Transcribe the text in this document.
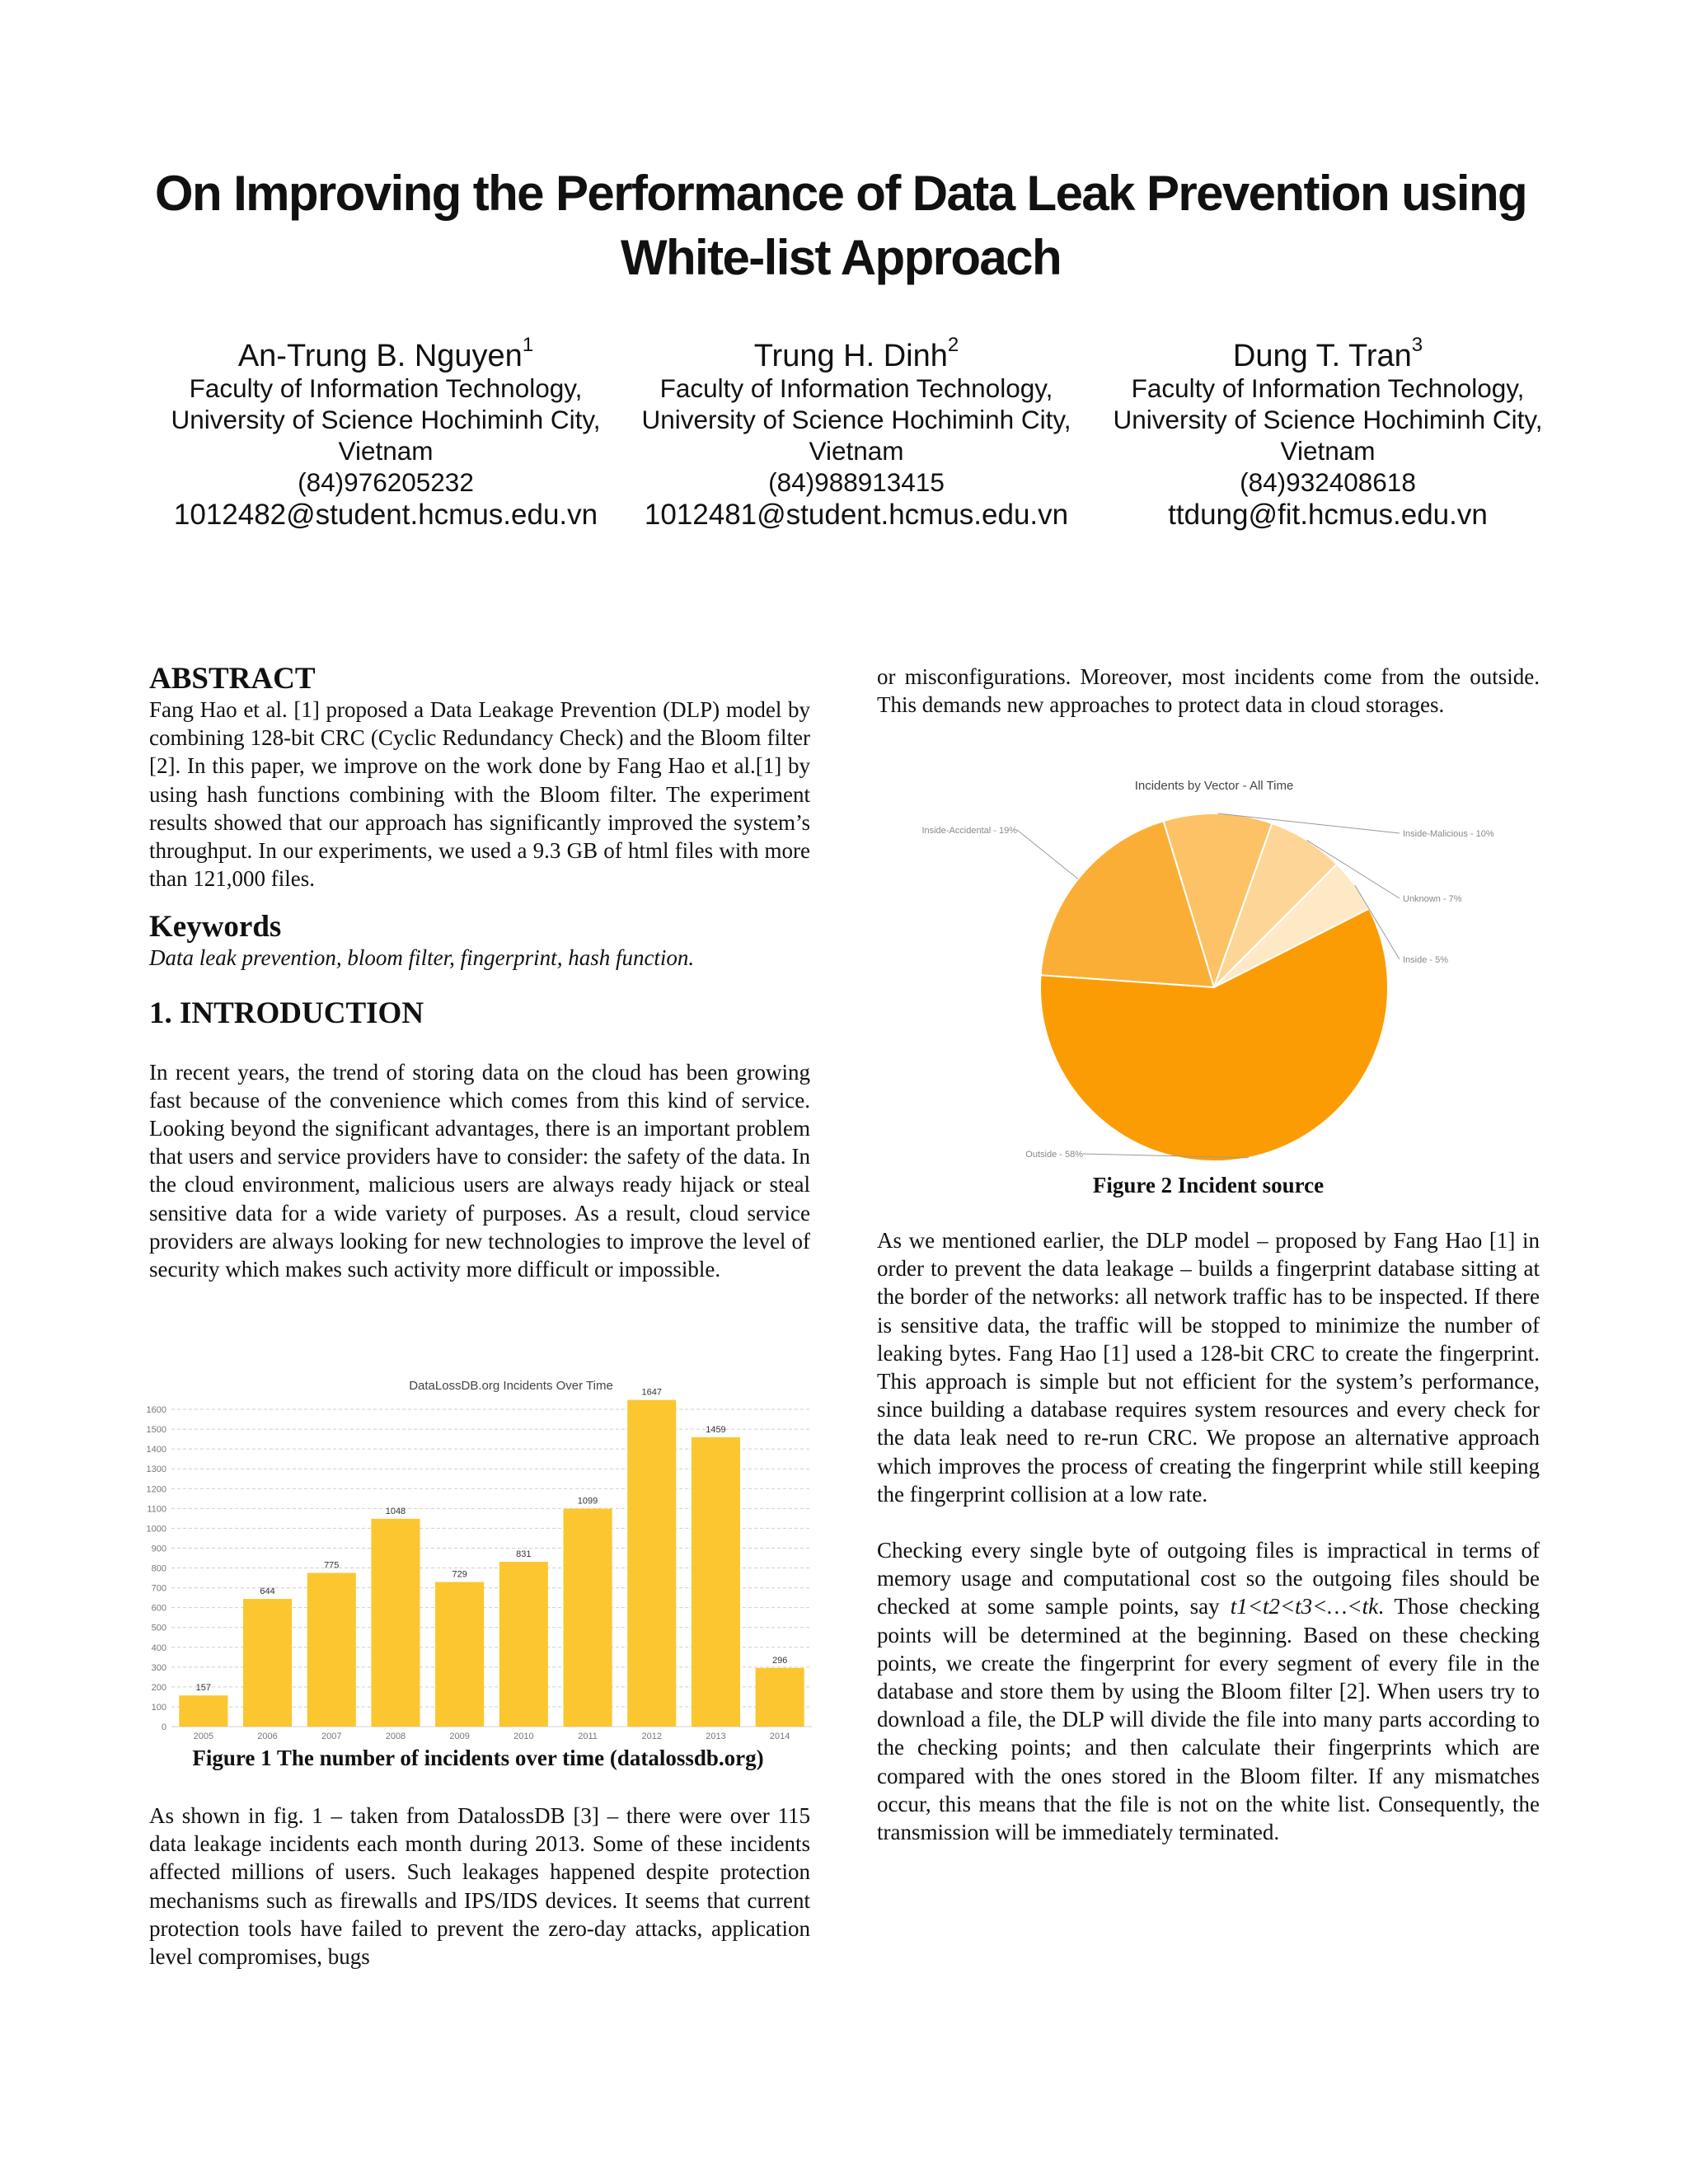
On Improving the Performance of Data Leak Prevention using
White-list Approach
An-Trung B. Nguyen$^1$
Faculty of Information Technology,
University of Science Hochiminh City,
Vietnam
(84)976205232
1012482@student.hcmus.edu.vn
Trung H. Dinh$^2$
Faculty of Information Technology,
University of Science Hochiminh City,
Vietnam
(84)988913415
1012481@student.hcmus.edu.vn
Dung T. Tran$^3$
Faculty of Information Technology,
University of Science Hochiminh City,
Vietnam
(84)932408618
ttdung@fit.hcmus.edu.vn
ABSTRACT

Fang Hao et al. [1] proposed a Data Leakage Prevention (DLP) model by combining 128-bit CRC (Cyclic Redundancy Check) and the Bloom filter [2]. In this paper, we improve on the work done by Fang Hao et al.[1] by using hash functions combining with the Bloom filter. The experiment results showed that our approach has significantly improved the system’s throughput. In our experiments, we used a 9.3 GB of html files with more than 121,000 files.

Keywords

Data leak prevention, bloom filter, fingerprint, hash function.

1. INTRODUCTION

In recent years, the trend of storing data on the cloud has been growing fast because of the convenience which comes from this kind of service. Looking beyond the significant advantages, there is an important problem that users and service providers have to consider: the safety of the data. In the cloud environment, malicious users are always ready hijack or steal sensitive data for a wide variety of purposes. As a result, cloud service providers are always looking for new technologies to improve the level of security which makes such activity more difficult or impossible.

DataLossDB.org Incidents Over Time
0
100
200
300
400
500
600
700
800
900
1000
1100
1200
1300
1400
1500
1600
157
644
775
1048
729
831
1099
1647
1459
296
2005	2006	2007	2008	2009	2010	2011	2012	2013	2014
Figure 1 The number of incidents over time (datalossdb.org)

As shown in fig. 1 – taken from DatalossDB [3] – there were over 115 data leakage incidents each month during 2013. Some of these incidents affected millions of users. Such leakages happened despite protection mechanisms such as firewalls and IPS/IDS devices. It seems that current protection tools have failed to prevent the zero-day attacks, application level compromises, bugs

or misconfigurations. Moreover, most incidents come from the outside. This demands new approaches to protect data in cloud storages.

Incidents by Vector - All Time
Inside-Accidental - 19%	Inside-Malicious - 10%
Unknown - 7%
Inside - 5%
Outside - 58%
Figure 2 Incident source

As we mentioned earlier, the DLP model – proposed by Fang Hao [1] in order to prevent the data leakage – builds a fingerprint database sitting at the border of the networks: all network traffic has to be inspected. If there is sensitive data, the traffic will be stopped to minimize the number of leaking bytes. Fang Hao [1] used a 128-bit CRC to create the fingerprint. This approach is simple but not efficient for the system’s performance, since building a database requires system resources and every check for the data leak need to re-run CRC. We propose an alternative approach which improves the process of creating the fingerprint while still keeping the fingerprint collision at a low rate.

Checking every single byte of outgoing files is impractical in terms of memory usage and computational cost so the outgoing files should be checked at some sample points, say t1<t2<t3<…<tk. Those checking points will be determined at the beginning. Based on these checking points, we create the fingerprint for every segment of every file in the database and store them by using the Bloom filter [2]. When users try to download a file, the DLP will divide the file into many parts according to the checking points; and then calculate their fingerprints which are compared with the ones stored in the Bloom filter. If any mismatches occur, this means that the file is not on the white list. Consequently, the transmission will be immediately terminated.
